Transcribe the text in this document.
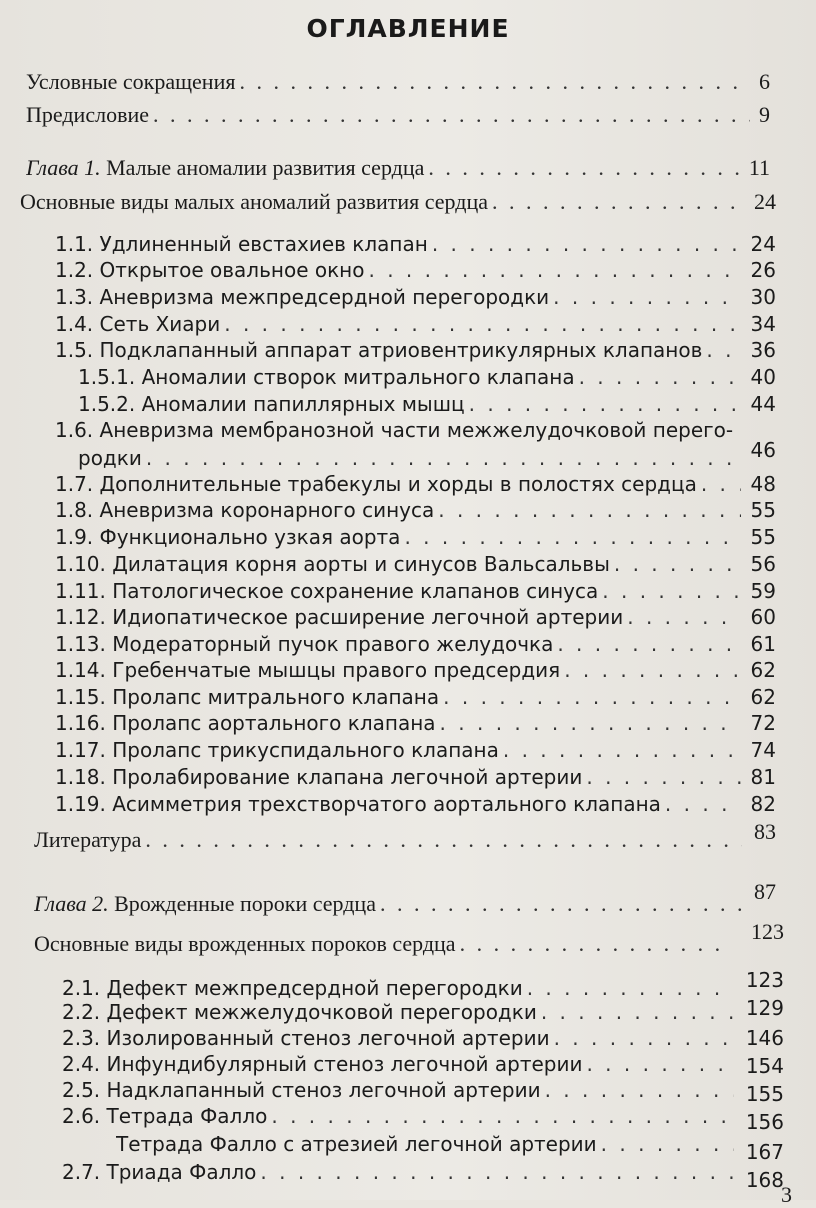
ОГЛАВЛЕНИЕ
Условные сокращения . . .	6
Предисловие . . .	9
Глава 1. Малые аномалии развития сердца . . .	11
Основные виды малых аномалий развития сердца . . .	24
1.1. Удлиненный евстахиев клапан . . .	24
1.2. Открытое овальное окно . . .	26
1.3. Аневризма межпредсердной перегородки . . .	30
1.4. Сеть Хиари . . .	34
1.5. Подклапанный аппарат атриовентрикулярных клапанов . . .	36
1.5.1. Аномалии створок митрального клапана . . .	40
1.5.2. Аномалии папиллярных мышц . . .	44
1.6. Аневризма мембранозной части межжелудочковой перего-
родки . . .	46
1.7. Дополнительные трабекулы и хорды в полостях сердца . . .	48
1.8. Аневризма коронарного синуса . . .	55
1.9. Функционально узкая аорта . . .	55
1.10. Дилатация корня аорты и синусов Вальсальвы . . .	56
1.11. Патологическое сохранение клапанов синуса . . .	59
1.12. Идиопатическое расширение легочной артерии . . .	60
1.13. Модераторный пучок правого желудочка . . .	61
1.14. Гребенчатые мышцы правого предсердия . . .	62
1.15. Пролапс митрального клапана . . .	62
1.16. Пролапс аортального клапана . . .	72
1.17. Пролапс трикуспидального клапана . . .	74
1.18. Пролабирование клапана легочной артерии . . .	81
1.19. Асимметрия трехстворчатого аортального клапана . . .	82
Литература . . .	83
Глава 2. Врожденные пороки сердца . . .	87
Основные виды врожденных пороков сердца . . .	123
2.1. Дефект межпредсердной перегородки . . .	123
2.2. Дефект межжелудочковой перегородки . . .	129
2.3. Изолированный стеноз легочной артерии . . .	146
2.4. Инфундибулярный стеноз легочной артерии . . .	154
2.5. Надклапанный стеноз легочной артерии . . .	155
2.6. Тетрада Фалло . . .	156
Тетрада Фалло с атрезией легочной артерии . . .	167
2.7. Триада Фалло . . .	168
3
